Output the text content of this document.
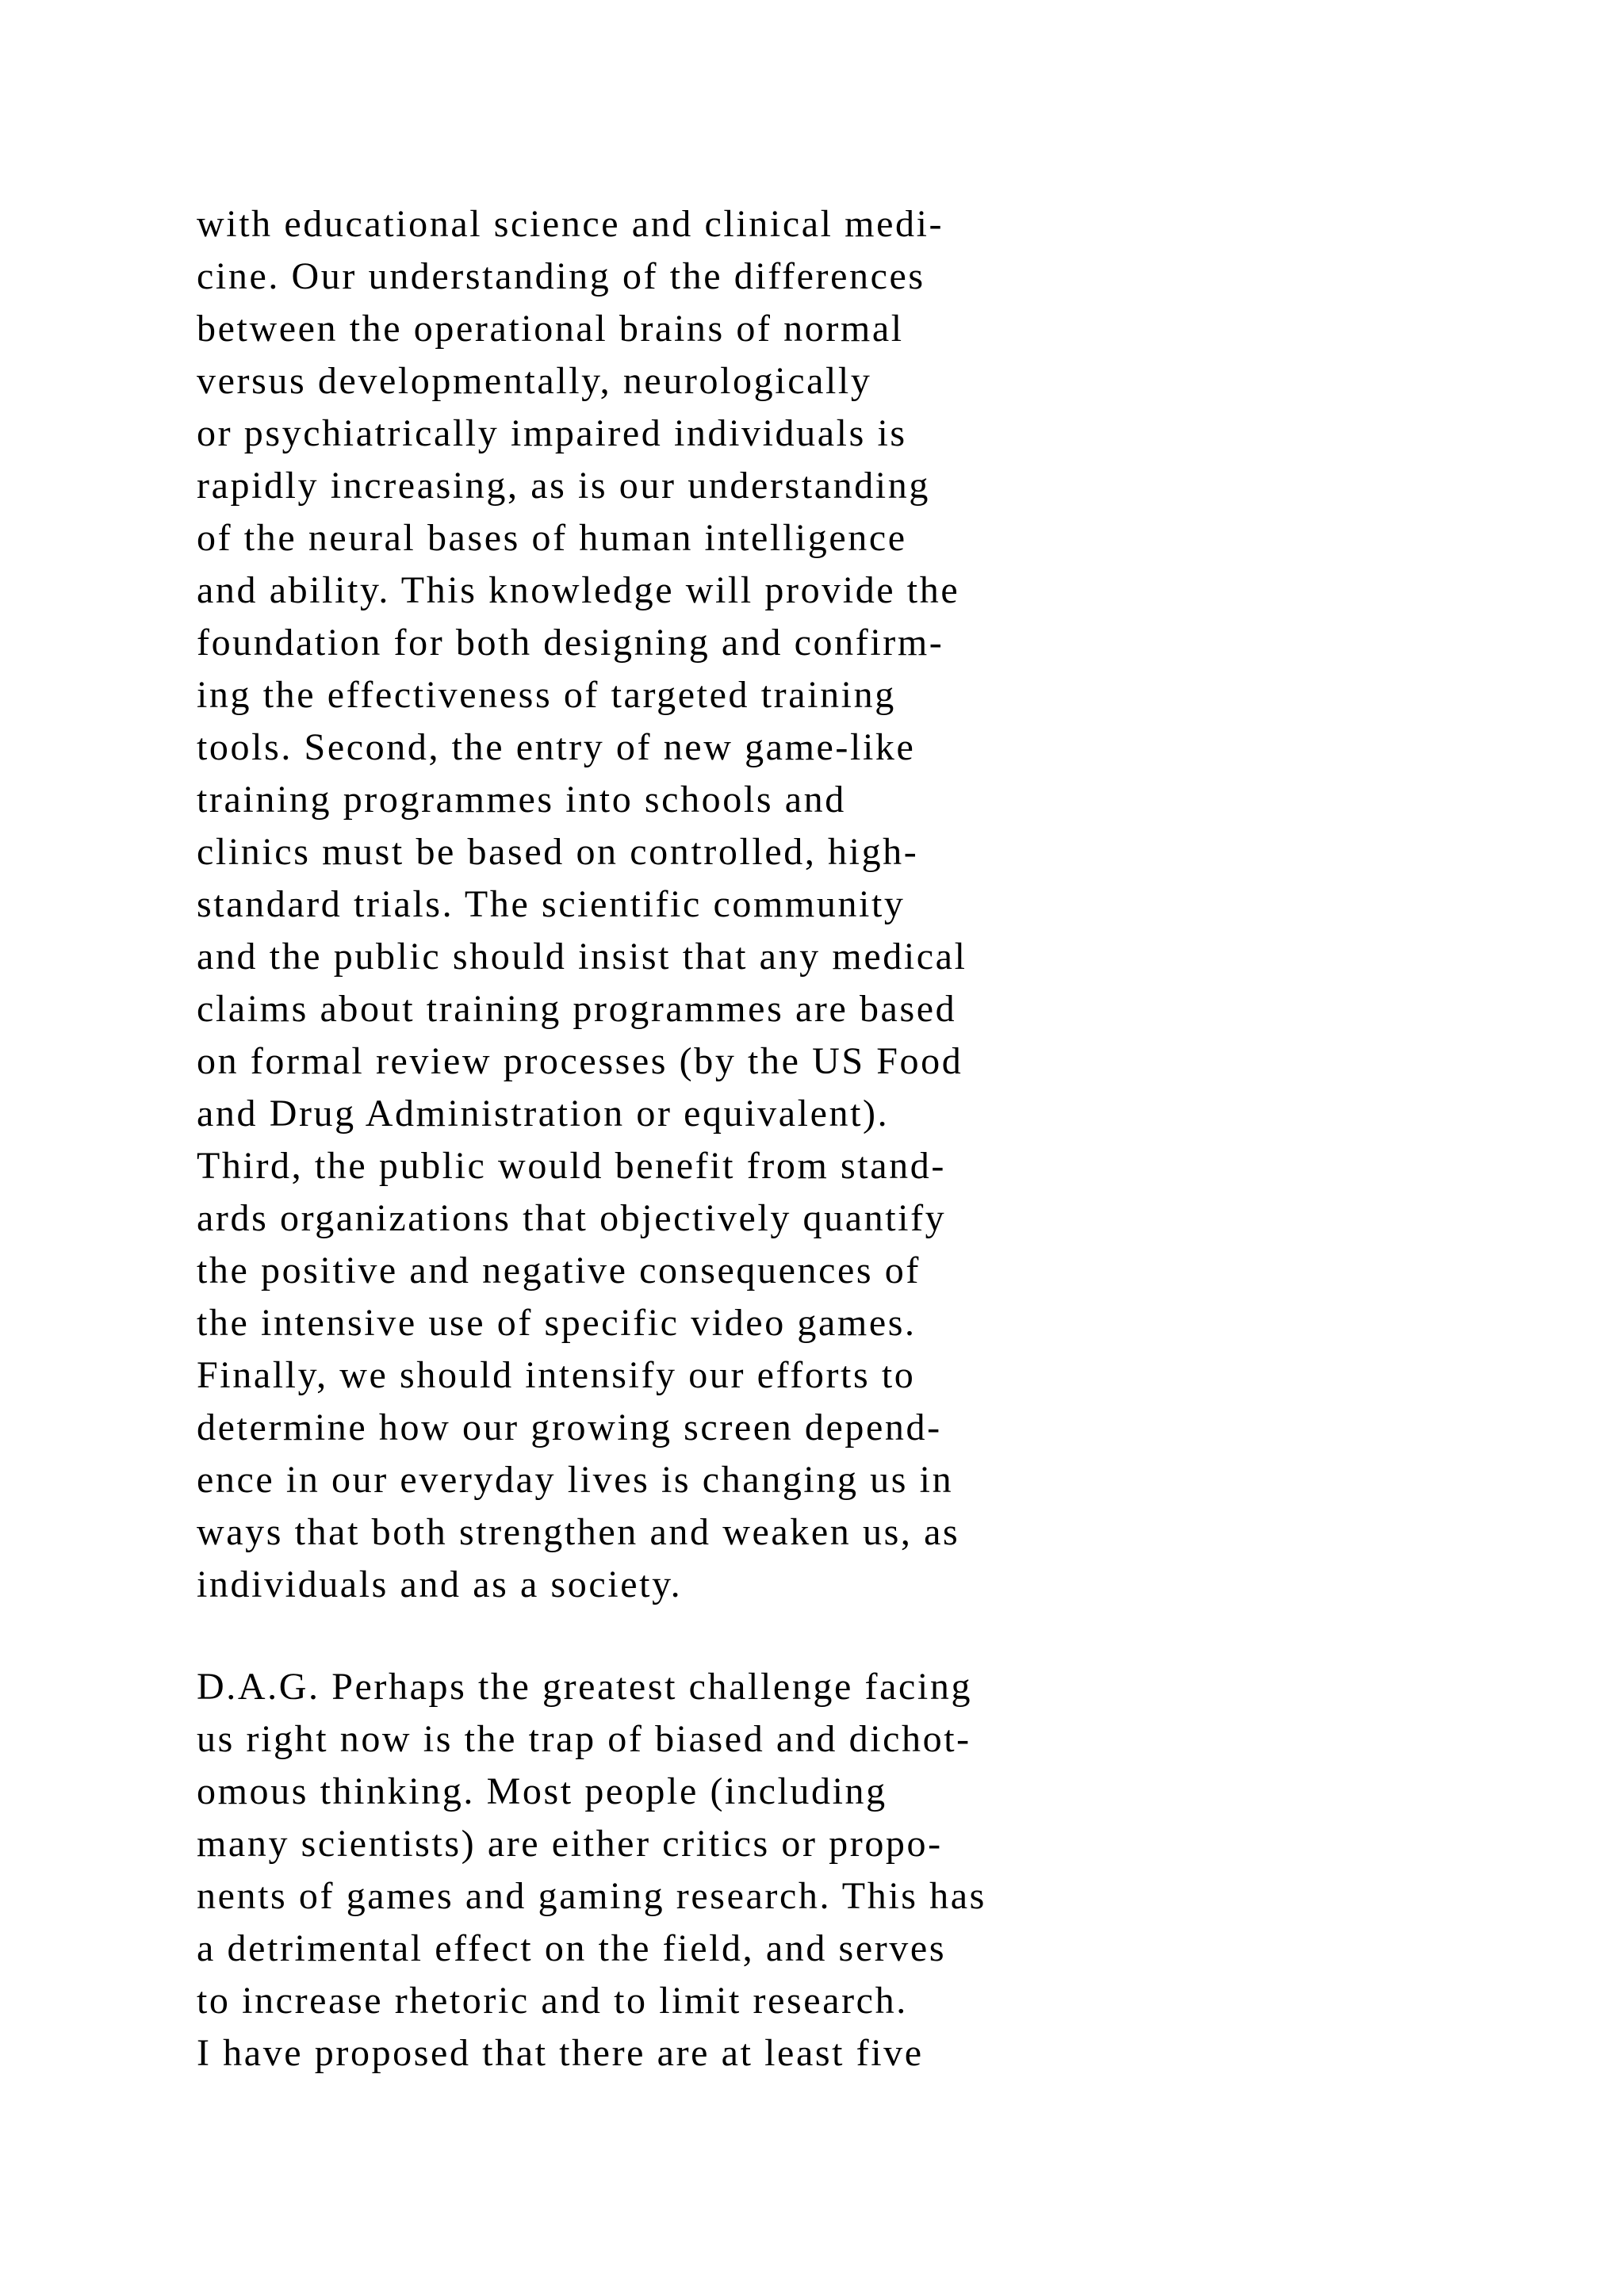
with educational science and clinical medi-
cine. Our understanding of the differences
between the operational brains of normal
versus developmentally, neurologically
or psychiatrically impaired individuals is
rapidly increasing, as is our understanding
of the neural bases of human intelligence
and ability. This knowledge will provide the
foundation for both designing and confirm-
ing the effectiveness of targeted training
tools. Second, the entry of new game-like
training programmes into schools and
clinics must be based on controlled, high-
standard trials. The scientific community
and the public should insist that any medical
claims about training programmes are based
on formal review processes (by the US Food
and Drug Administration or equivalent).
Third, the public would benefit from stand-
ards organizations that objectively quantify
the positive and negative consequences of
the intensive use of specific video games.
Finally, we should intensify our efforts to
determine how our growing screen depend-
ence in our everyday lives is changing us in
ways that both strengthen and weaken us, as
individuals and as a society.
D.A.G. Perhaps the greatest challenge facing
us right now is the trap of biased and dichot-
omous thinking. Most people (including
many scientists) are either critics or propo-
nents of games and gaming research. This has
a detrimental effect on the field, and serves
to increase rhetoric and to limit research.
I have proposed that there are at least five
